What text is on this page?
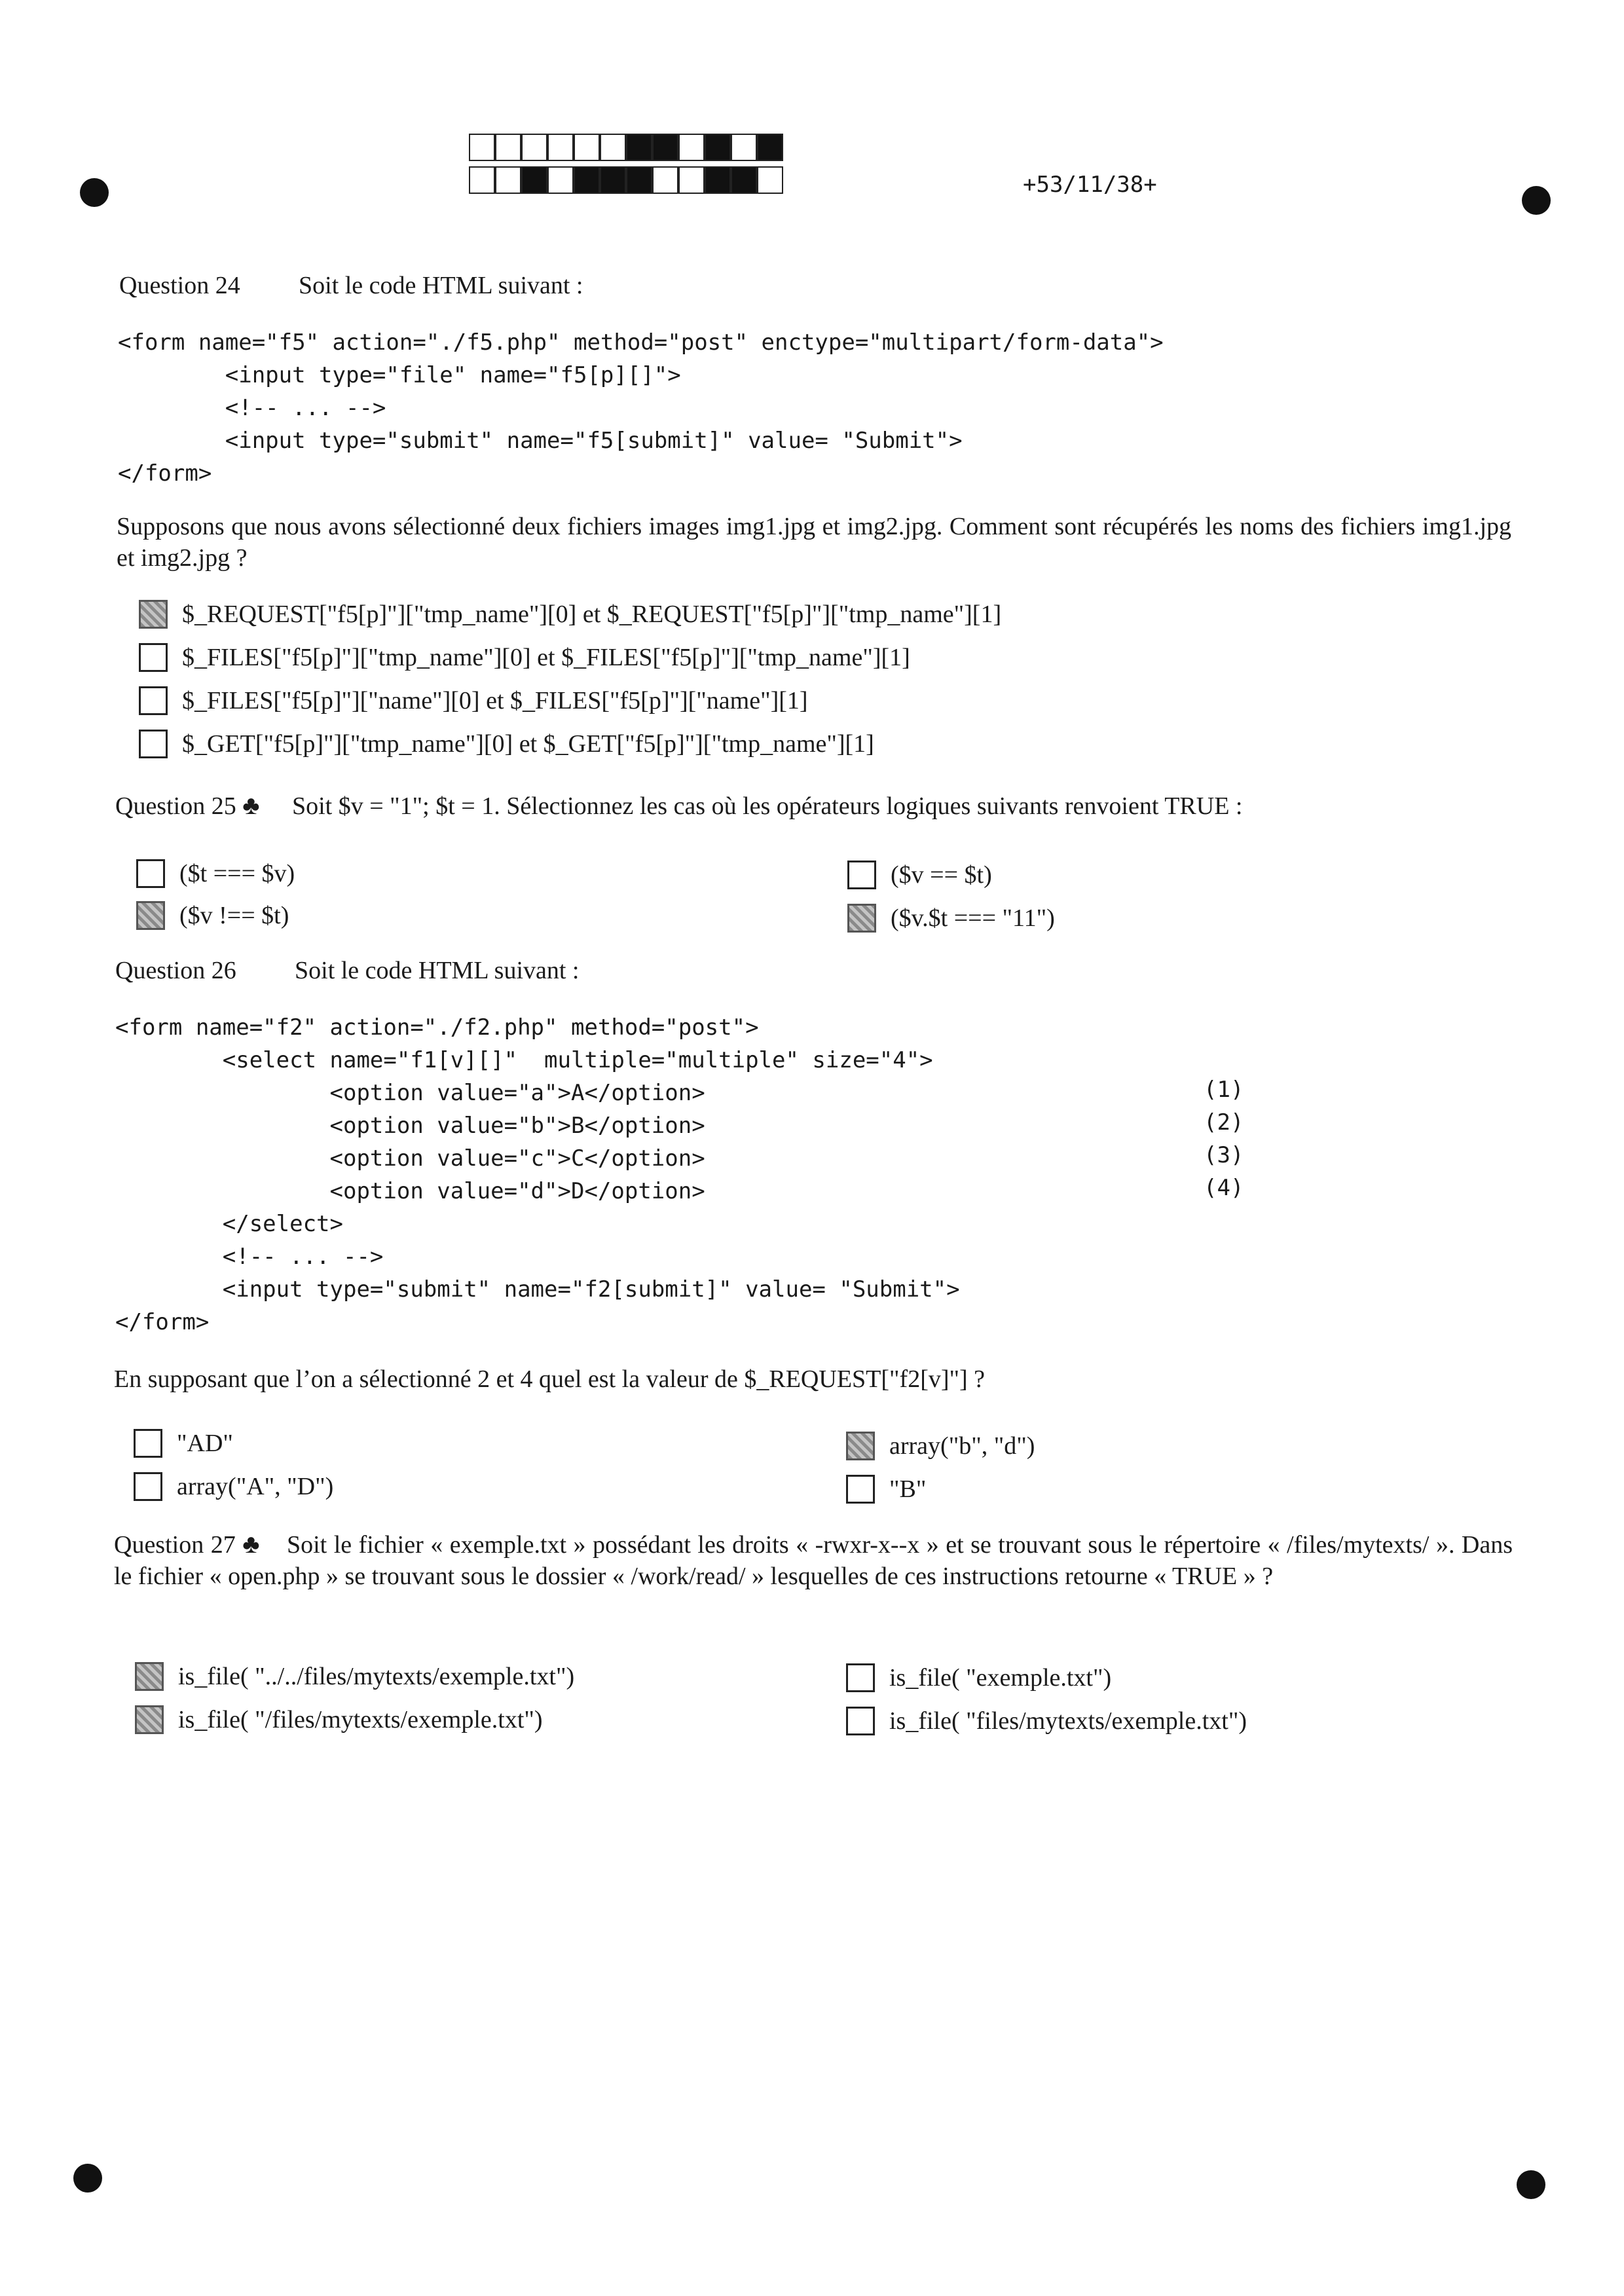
+53/11/38+
Question 24 Soit le code HTML suivant :
<form name="f5" action="./f5.php" method="post" enctype="multipart/form-data">
<input type="file" name="f5[p][]">
<!-- ... -->
<input type="submit" name="f5[submit]" value= "Submit">
</form>
Supposons que nous avons sélectionné deux fichiers images img1.jpg et img2.jpg. Comment sont récupérés les noms des fichiers img1.jpg et img2.jpg ?
$_REQUEST["f5[p]"]["tmp_name"][0] et $_REQUEST["f5[p]"]["tmp_name"][1]
$_FILES["f5[p]"]["tmp_name"][0] et $_FILES["f5[p]"]["tmp_name"][1]
$_FILES["f5[p]"]["name"][0] et $_FILES["f5[p]"]["name"][1]
$_GET["f5[p]"]["tmp_name"][0] et $_GET["f5[p]"]["tmp_name"][1]
Question 25 ♣ Soit $v = "1"; $t = 1. Sélectionnez les cas où les opérateurs logiques suivants renvoient TRUE :
($t === $v)
($v !== $t)
($v == $t)
($v.$t === "11")
Question 26 Soit le code HTML suivant :
<form name="f2" action="./f2.php" method="post">
<select name="f1[v][]"  multiple="multiple" size="4">
<option value="a">A</option>
<option value="b">B</option>
<option value="c">C</option>
<option value="d">D</option>
</select>
<!-- ... -->
<input type="submit" name="f2[submit]" value= "Submit">
</form>
(1)
(2)
(3)
(4)
En supposant que l’on a sélectionné 2 et 4 quel est la valeur de $_REQUEST["f2[v]"] ?
"AD"
array("A", "D")
array("b", "d")
"B"
Question 27 ♣ Soit le fichier « exemple.txt » possédant les droits « -rwxr-x--x » et se trouvant sous le répertoire « /files/mytexts/ ». Dans le fichier « open.php » se trouvant sous le dossier « /work/read/ » lesquelles de ces instructions retourne « TRUE » ?
is_file( "../../files/mytexts/exemple.txt")
is_file( "/files/mytexts/exemple.txt")
is_file( "exemple.txt")
is_file( "files/mytexts/exemple.txt")
